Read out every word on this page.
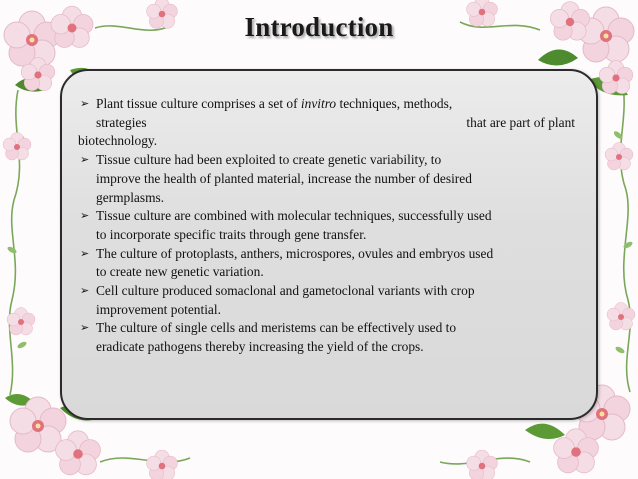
Introduction
➢ Plant tissue culture comprises a set of invitro techniques, methods,
strategies	that are part of plant
biotechnology.
➢ Tissue culture had been exploited to create genetic variability, to
improve the health of planted material, increase the number of desired
germplasms.
➢ Tissue culture are combined with molecular techniques, successfully used
to incorporate specific traits through gene transfer.
➢ The culture of protoplasts, anthers, microspores, ovules and embryos used
to create new genetic variation.
➢ Cell culture produced somaclonal and gametoclonal variants with crop
improvement potential.
➢ The culture of single cells and meristems can be effectively used to
eradicate pathogens thereby increasing the yield of the crops.
